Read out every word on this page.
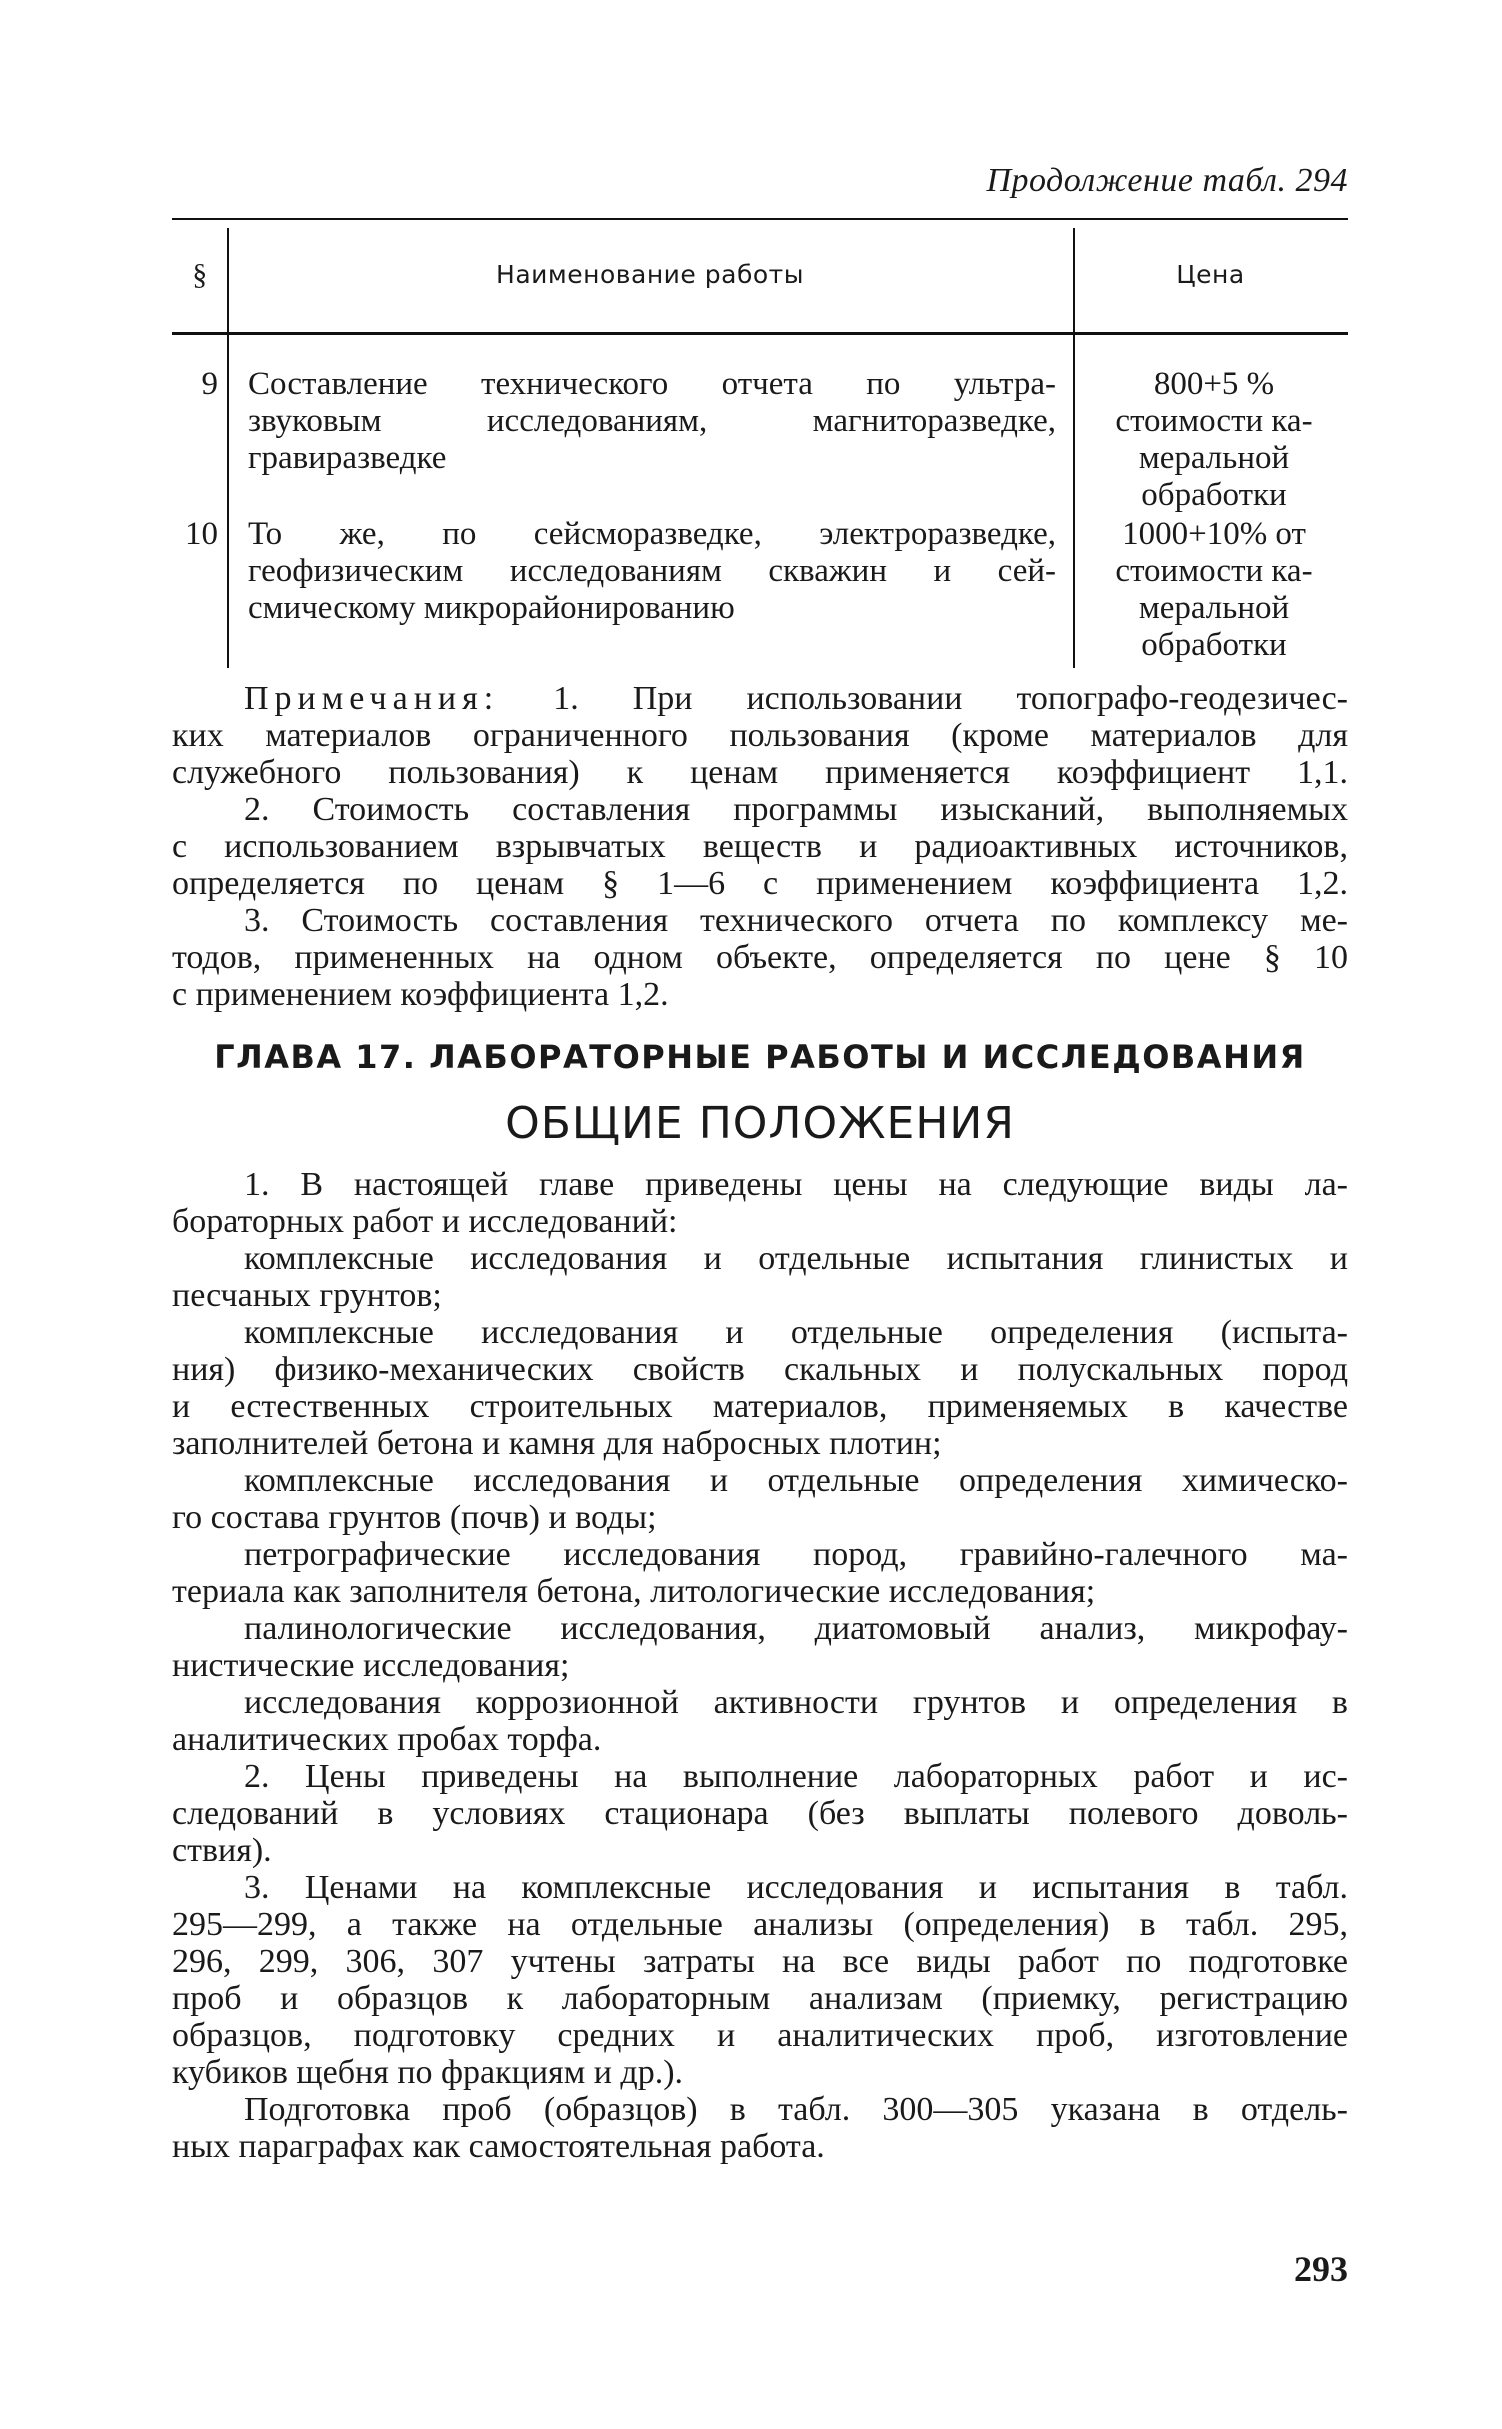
Продолжение табл. 294
§	Наименование работы	Цена
9 Составление технического отчета по ультра-
звуковым исследованиям, магниторазведке,
гравиразведке
800+5 %
стоимости ка-
меральной
обработки
10 То же, по сейсморазведке, электроразведке,
геофизическим исследованиям скважин и сей-
смическому микрорайонированию
1000+10% от
стоимости ка-
меральной
обработки
Примечания: 1. При использовании топографо-геодезичес-
ких материалов ограниченного пользования (кроме материалов для
служебного пользования) к ценам применяется коэффициент 1,1.
2. Стоимость составления программы изысканий, выполняемых
с использованием взрывчатых веществ и радиоактивных источников,
определяется по ценам § 1—6 с применением коэффициента 1,2.
3. Стоимость составления технического отчета по комплексу ме-
тодов, примененных на одном объекте, определяется по цене § 10
с применением коэффициента 1,2.
ГЛАВА 17. ЛАБОРАТОРНЫЕ РАБОТЫ И ИССЛЕДОВАНИЯ
ОБЩИЕ ПОЛОЖЕНИЯ
1. В настоящей главе приведены цены на следующие виды ла-
бораторных работ и исследований:
комплексные исследования и отдельные испытания глинистых и
песчаных грунтов;
комплексные исследования и отдельные определения (испыта-
ния) физико-механических свойств скальных и полускальных пород
и естественных строительных материалов, применяемых в качестве
заполнителей бетона и камня для набросных плотин;
комплексные исследования и отдельные определения химическо-
го состава грунтов (почв) и воды;
петрографические исследования пород, гравийно-галечного ма-
териала как заполнителя бетона, литологические исследования;
палинологические исследования, диатомовый анализ, микрофау-
нистические исследования;
исследования коррозионной активности грунтов и определения в
аналитических пробах торфа.
2. Цены приведены на выполнение лабораторных работ и ис-
следований в условиях стационара (без выплаты полевого доволь-
ствия).
3. Ценами на комплексные исследования и испытания в табл.
295—299, а также на отдельные анализы (определения) в табл. 295,
296, 299, 306, 307 учтены затраты на все виды работ по подготовке
проб и образцов к лабораторным анализам (приемку, регистрацию
образцов, подготовку средних и аналитических проб, изготовление
кубиков щебня по фракциям и др.).
Подготовка проб (образцов) в табл. 300—305 указана в отдель-
ных параграфах как самостоятельная работа.
293
